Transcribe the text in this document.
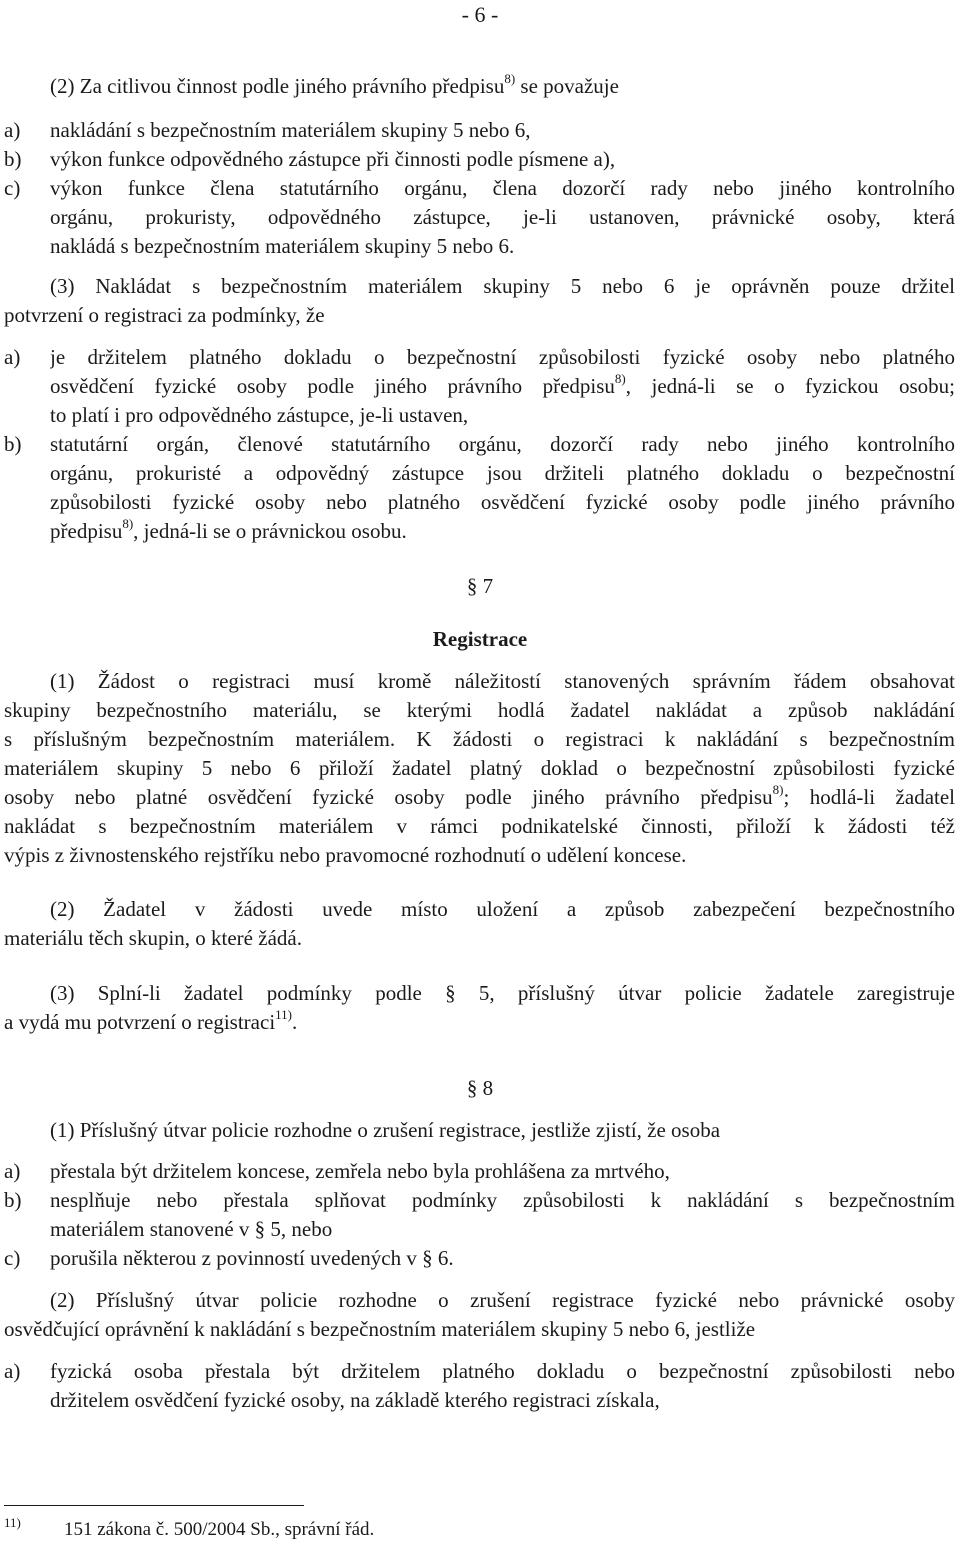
- 6 -
(2) Za citlivou činnost podle jiného právního předpisu$^{8)}$ se považuje
a) nakládání s bezpečnostním materiálem skupiny 5 nebo 6,
b) výkon funkce odpovědného zástupce při činnosti podle písmene a),
c) výkon funkce člena statutárního orgánu, člena dozorčí rady nebo jiného kontrolního
orgánu, prokuristy, odpovědného zástupce, je-li ustanoven, právnické osoby, která
nakládá s bezpečnostním materiálem skupiny 5 nebo 6.
(3) Nakládat s bezpečnostním materiálem skupiny 5 nebo 6 je oprávněn pouze držitel
potvrzení o registraci za podmínky, že
a) je držitelem platného dokladu o bezpečnostní způsobilosti fyzické osoby nebo platného
osvědčení fyzické osoby podle jiného právního předpisu$^{8)}$, jedná-li se o fyzickou osobu;
to platí i pro odpovědného zástupce, je-li ustaven,
b) statutární orgán, členové statutárního orgánu, dozorčí rady nebo jiného kontrolního
orgánu, prokuristé a odpovědný zástupce jsou držiteli platného dokladu o bezpečnostní
způsobilosti fyzické osoby nebo platného osvědčení fyzické osoby podle jiného právního
předpisu$^{8)}$, jedná-li se o právnickou osobu.
§ 7
Registrace
(1) Žádost o registraci musí kromě náležitostí stanovených správním řádem obsahovat
skupiny bezpečnostního materiálu, se kterými hodlá žadatel nakládat a způsob nakládání
s příslušným bezpečnostním materiálem. K žádosti o registraci k nakládání s bezpečnostním
materiálem skupiny 5 nebo 6 přiloží žadatel platný doklad o bezpečnostní způsobilosti fyzické
osoby nebo platné osvědčení fyzické osoby podle jiného právního předpisu$^{8)}$; hodlá-li žadatel
nakládat s bezpečnostním materiálem v rámci podnikatelské činnosti, přiloží k žádosti též
výpis z živnostenského rejstříku nebo pravomocné rozhodnutí o udělení koncese.
(2) Žadatel v žádosti uvede místo uložení a způsob zabezpečení bezpečnostního
materiálu těch skupin, o které žádá.
(3) Splní-li žadatel podmínky podle § 5, příslušný útvar policie žadatele zaregistruje
a vydá mu potvrzení o registraci$^{11)}$.
§ 8
(1) Příslušný útvar policie rozhodne o zrušení registrace, jestliže zjistí, že osoba
a) přestala být držitelem koncese, zemřela nebo byla prohlášena za mrtvého,
b) nesplňuje nebo přestala splňovat podmínky způsobilosti k nakládání s bezpečnostním
materiálem stanovené v § 5, nebo
c) porušila některou z povinností uvedených v § 6.
(2) Příslušný útvar policie rozhodne o zrušení registrace fyzické nebo právnické osoby
osvědčující oprávnění k nakládání s bezpečnostním materiálem skupiny 5 nebo 6, jestliže
a) fyzická osoba přestala být držitelem platného dokladu o bezpečnostní způsobilosti nebo
držitelem osvědčení fyzické osoby, na základě kterého registraci získala,
11) 151 zákona č. 500/2004 Sb., správní řád.
